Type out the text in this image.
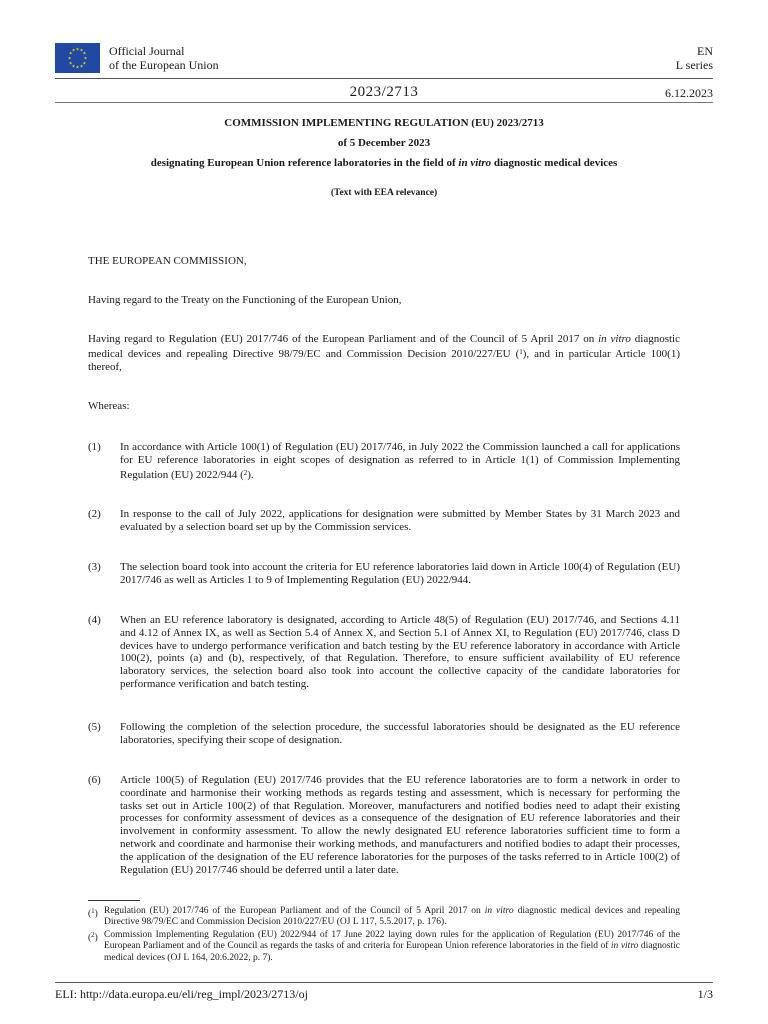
★ ★
★
★
★
★
★
★
★
★
★
★	Official Journal
of the European Union
EN
L series
2023/2713	6.12.2023
COMMISSION IMPLEMENTING REGULATION (EU) 2023/2713
of 5 December 2023
designating European Union reference laboratories in the field of in vitro diagnostic medical devices
(Text with EEA relevance)
THE EUROPEAN COMMISSION,
Having regard to the Treaty on the Functioning of the European Union,
Having regard to Regulation (EU) 2017/746 of the European Parliament and of the Council of 5 April 2017 on in vitro diagnostic medical devices and repealing Directive 98/79/EC and Commission Decision 2010/227/EU ($^1$), and in particular Article 100(1) thereof,
Whereas:
(1) In accordance with Article 100(1) of Regulation (EU) 2017/746, in July 2022 the Commission launched a call for applications for EU reference laboratories in eight scopes of designation as referred to in Article 1(1) of Commission Implementing Regulation (EU) 2022/944 ($^2$).
(2) In response to the call of July 2022, applications for designation were submitted by Member States by 31 March 2023 and evaluated by a selection board set up by the Commission services.
(3) The selection board took into account the criteria for EU reference laboratories laid down in Article 100(4) of Regulation (EU) 2017/746 as well as Articles 1 to 9 of Implementing Regulation (EU) 2022/944.
(4) When an EU reference laboratory is designated, according to Article 48(5) of Regulation (EU) 2017/746, and Sections 4.11 and 4.12 of Annex IX, as well as Section 5.4 of Annex X, and Section 5.1 of Annex XI, to Regulation (EU) 2017/746, class D devices have to undergo performance verification and batch testing by the EU reference laboratory in accordance with Article 100(2), points (a) and (b), respectively, of that Regulation. Therefore, to ensure sufficient availability of EU reference laboratory services, the selection board also took into account the collective capacity of the candidate laboratories for performance verification and batch testing.
(5) Following the completion of the selection procedure, the successful laboratories should be designated as the EU reference laboratories, specifying their scope of designation.
(6) Article 100(5) of Regulation (EU) 2017/746 provides that the EU reference laboratories are to form a network in order to coordinate and harmonise their working methods as regards testing and assessment, which is necessary for performing the tasks set out in Article 100(2) of that Regulation. Moreover, manufacturers and notified bodies need to adapt their existing processes for conformity assessment of devices as a consequence of the designation of EU reference laboratories and their involvement in conformity assessment. To allow the newly designated EU reference laboratories sufficient time to form a network and coordinate and harmonise their working methods, and manufacturers and notified bodies to adapt their processes, the application of the designation of the EU reference laboratories for the purposes of the tasks referred to in Article 100(2) of Regulation (EU) 2017/746 should be deferred until a later date.
($^1$) Regulation (EU) 2017/746 of the European Parliament and of the Council of 5 April 2017 on in vitro diagnostic medical devices and repealing Directive 98/79/EC and Commission Decision 2010/227/EU (OJ L 117, 5.5.2017, p. 176).
($^2$) Commission Implementing Regulation (EU) 2022/944 of 17 June 2022 laying down rules for the application of Regulation (EU) 2017/746 of the European Parliament and of the Council as regards the tasks of and criteria for European Union reference laboratories in the field of in vitro diagnostic medical devices (OJ L 164, 20.6.2022, p. 7).
ELI: http://data.europa.eu/eli/reg_impl/2023/2713/oj	1/3
